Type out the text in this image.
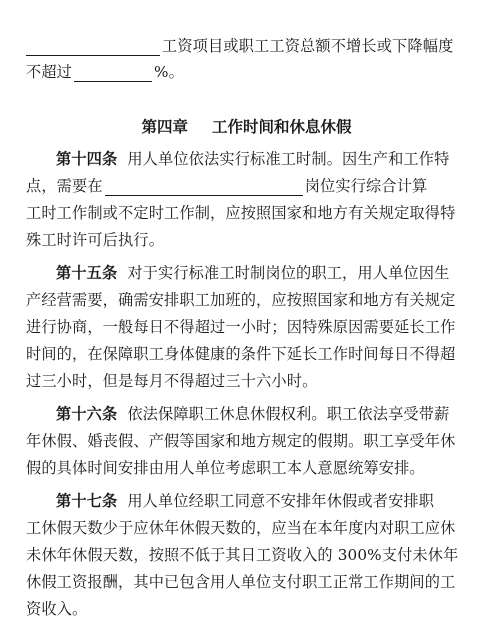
工资项目或职工工资总额不增长或下降幅度
不超过	%。
第四章 工作时间和休息休假
第十四条 用人单位依法实行标准工时制。因生产和工作特
点，需要在	岗位实行综合计算
工时工作制或不定时工作制，应按照国家和地方有关规定取得特
殊工时许可后执行。
第十五条 对于实行标准工时制岗位的职工，用人单位因生
产经营需要，确需安排职工加班的，应按照国家和地方有关规定
进行协商，一般每日不得超过一小时；因特殊原因需要延长工作
时间的，在保障职工身体健康的条件下延长工作时间每日不得超
过三小时，但是每月不得超过三十六小时。
第十六条 依法保障职工休息休假权利。职工依法享受带薪
年休假、婚丧假、产假等国家和地方规定的假期。职工享受年休
假的具体时间安排由用人单位考虑职工本人意愿统筹安排。
第十七条 用人单位经职工同意不安排年休假或者安排职
工休假天数少于应休年休假天数的，应当在本年度内对职工应休
未休年休假天数，按照不低于其日工资收入的 300%支付未休年
休假工资报酬，其中已包含用人单位支付职工正常工作期间的工
资收入。
